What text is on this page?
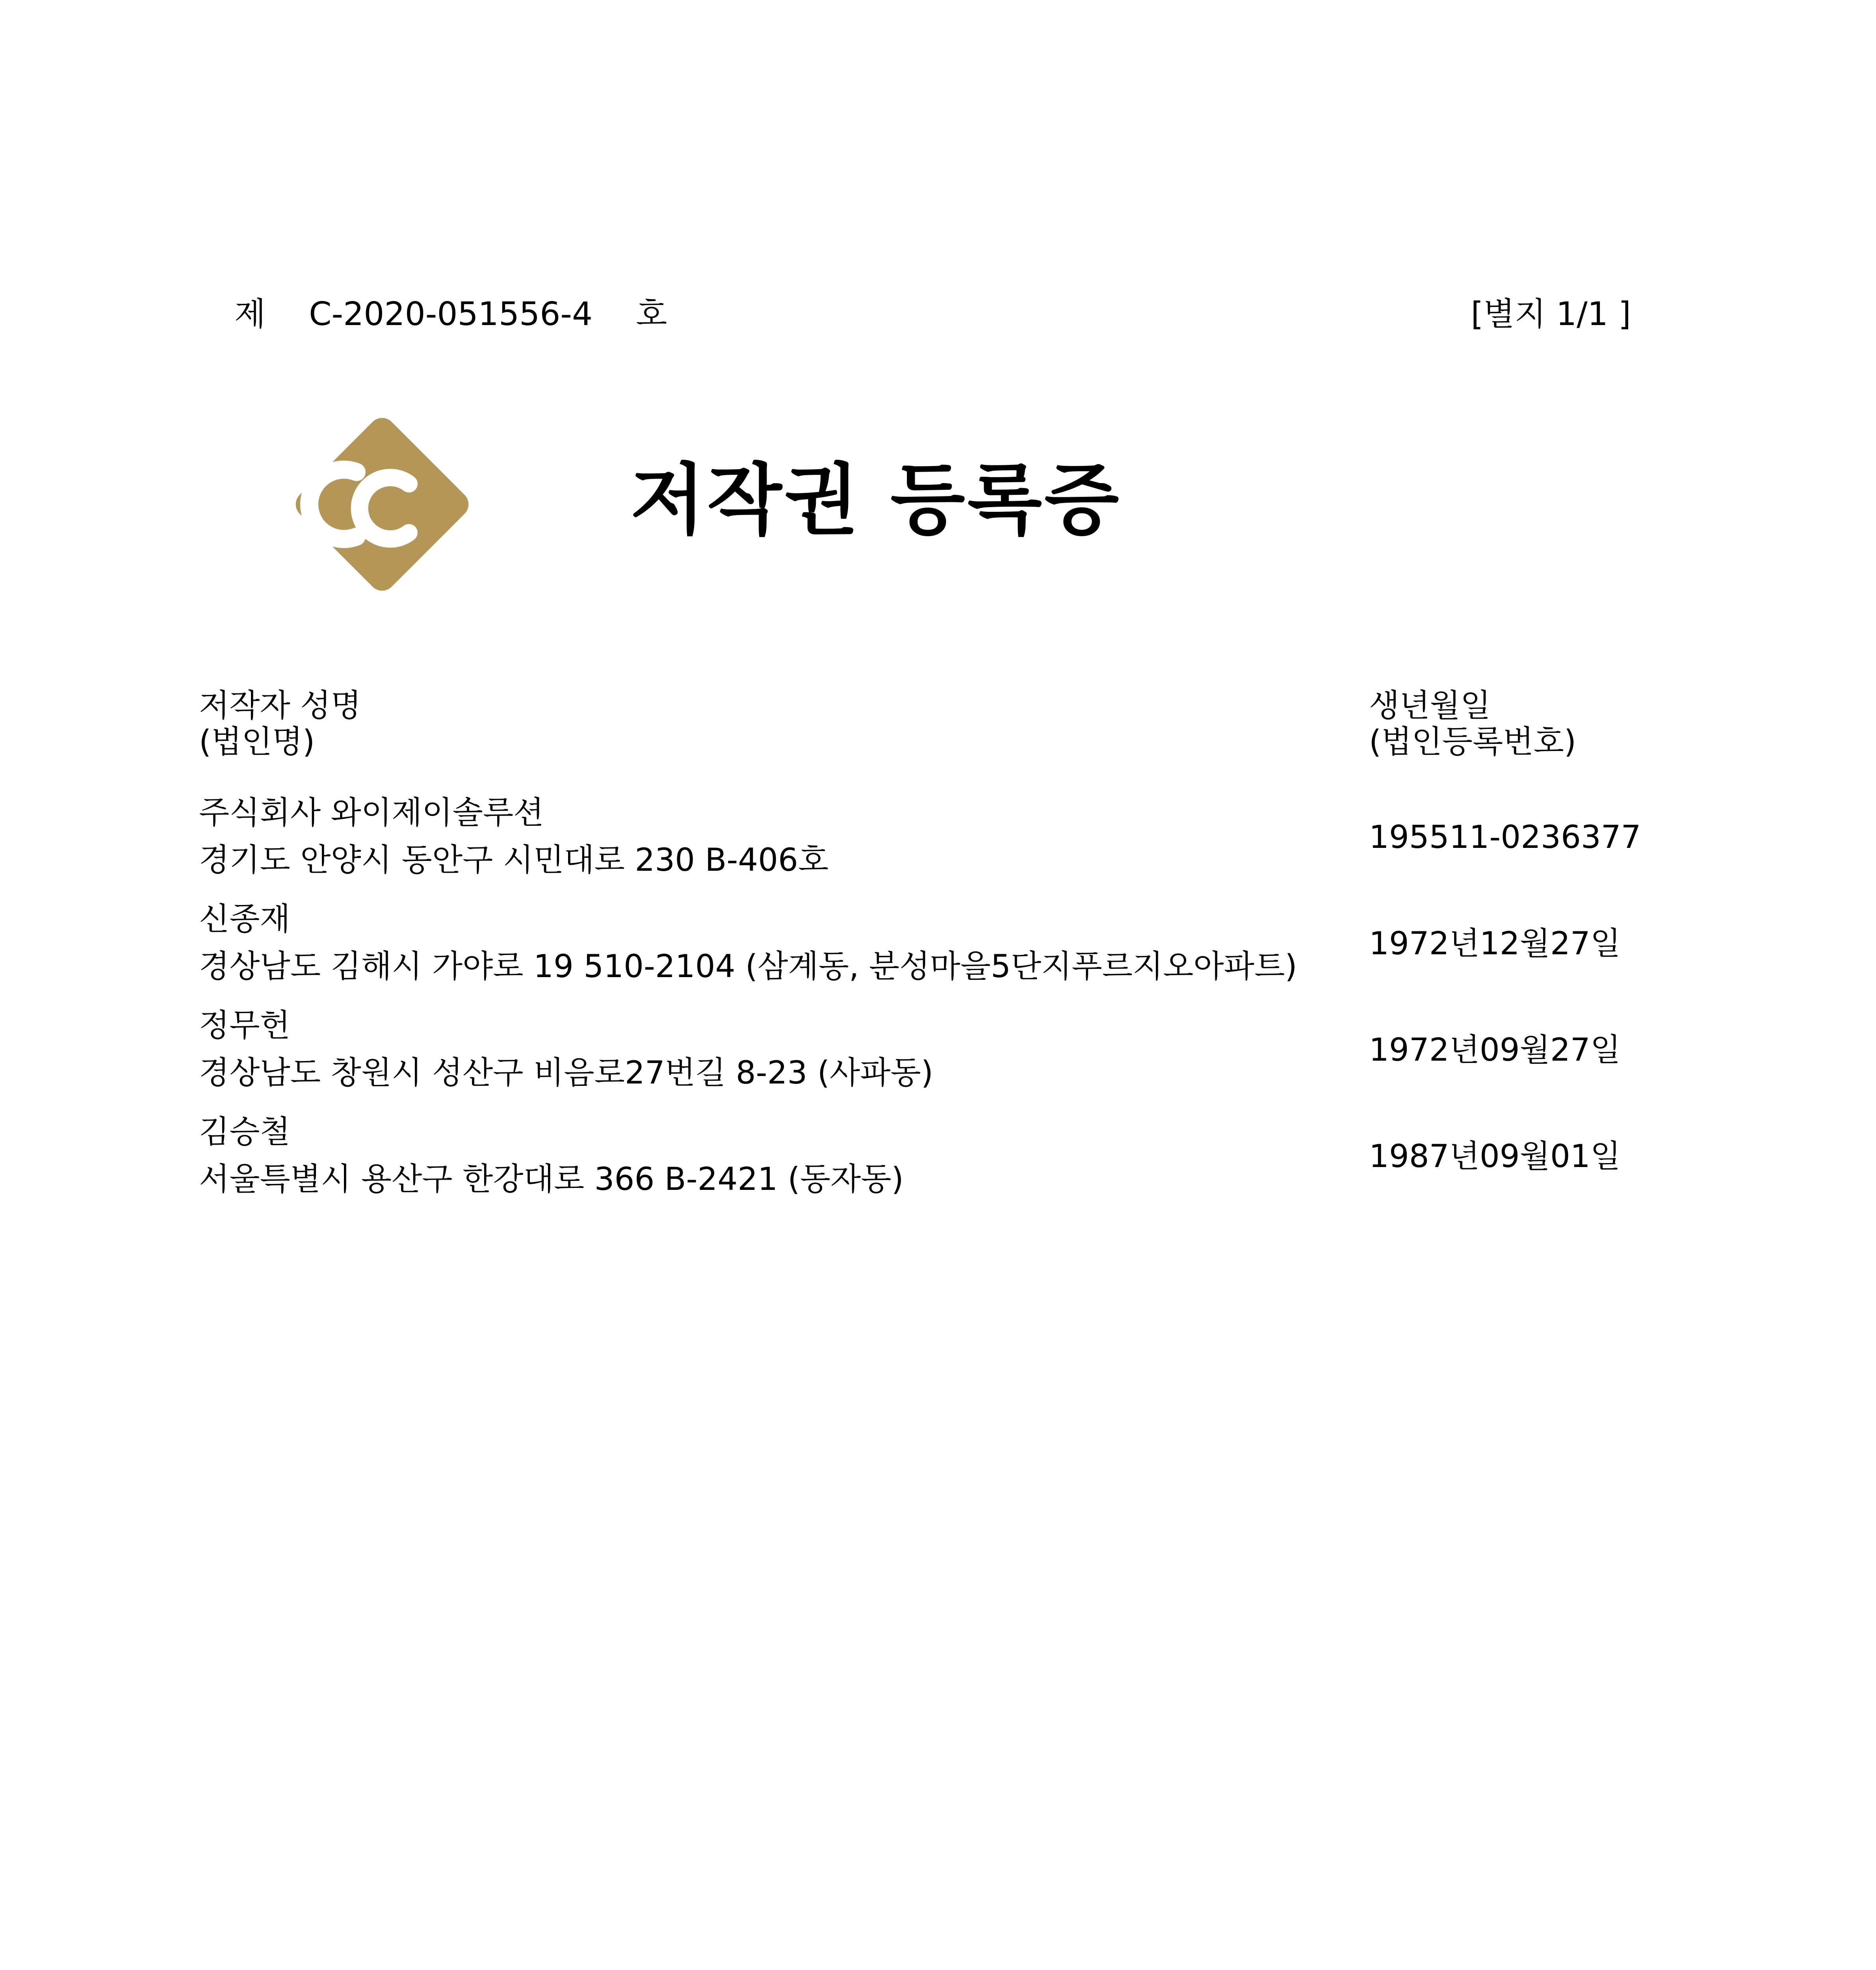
제 C-2020-051556-4 호	[별지 1/1 ]
저작권 등록증
저작자 성명
(법인명)
생년월일
(법인등록번호)
주식회사 와이제이솔루션
경기도 안양시 동안구 시민대로 230 B-406호
195511-0236377
신종재
경상남도 김해시 가야로 19 510-2104 (삼계동, 분성마을5단지푸르지오아파트)
1972년12월27일
정무헌
경상남도 창원시 성산구 비음로27번길 8-23 (사파동)
1972년09월27일
김승철
서울특별시 용산구 한강대로 366 B-2421 (동자동)
1987년09월01일
